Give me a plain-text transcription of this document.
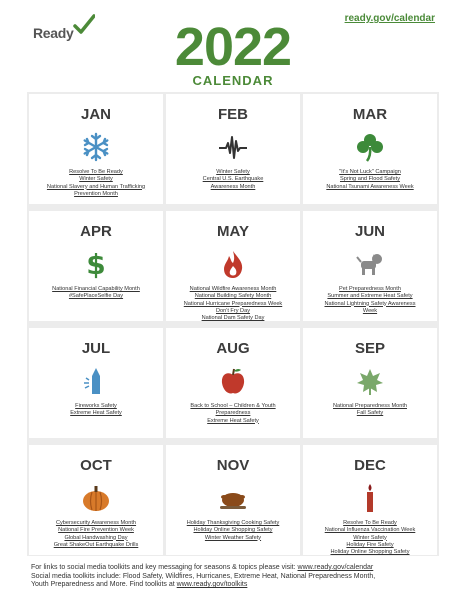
Ready
ready.gov/calendar
2022
CALENDAR
JAN
Resolve To Be Ready
Winter Safety
National Slavery and Human Trafficking
Prevention Month
FEB
Winter Safety
Central U.S. Earthquake
Awareness Month
MAR
"It's Not Luck" Campaign
Spring and Flood Safety
National Tsunami Awareness Week
APR
$
National Financial Capability Month
#SafePlaceSelfie Day
MAY
National Wildfire Awareness Month
National Building Safety Month
National Hurricane Preparedness Week
Don't Fry Day
National Dam Safety Day
JUN
Pet Preparedness Month
Summer and Extreme Heat Safety
National Lightning Safety Awareness
Week
JUL
Fireworks Safety
Extreme Heat Safety
AUG
Back to School – Children & Youth
Preparedness
Extreme Heat Safety
SEP
National Preparedness Month
Fall Safety
OCT
Cybersecurity Awareness Month
National Fire Prevention Week
Global Handwashing Day
Great ShakeOut Earthquake Drills
NOV
Holiday Thanksgiving Cooking Safety
Holiday Online Shopping Safety
Winter Weather Safety
DEC
Resolve To Be Ready
National Influenza Vaccination Week
Winter Safety
Holiday Fire Safety
Holiday Online Shopping Safety
For links to social media toolkits and key messaging for seasons & topics please visit: www.ready.gov/calendar
Social media toolkits include: Flood Safety, Wildfires, Hurricanes, Extreme Heat, National Preparedness Month,
Youth Preparedness and More. Find toolkits at www.ready.gov/toolkits
